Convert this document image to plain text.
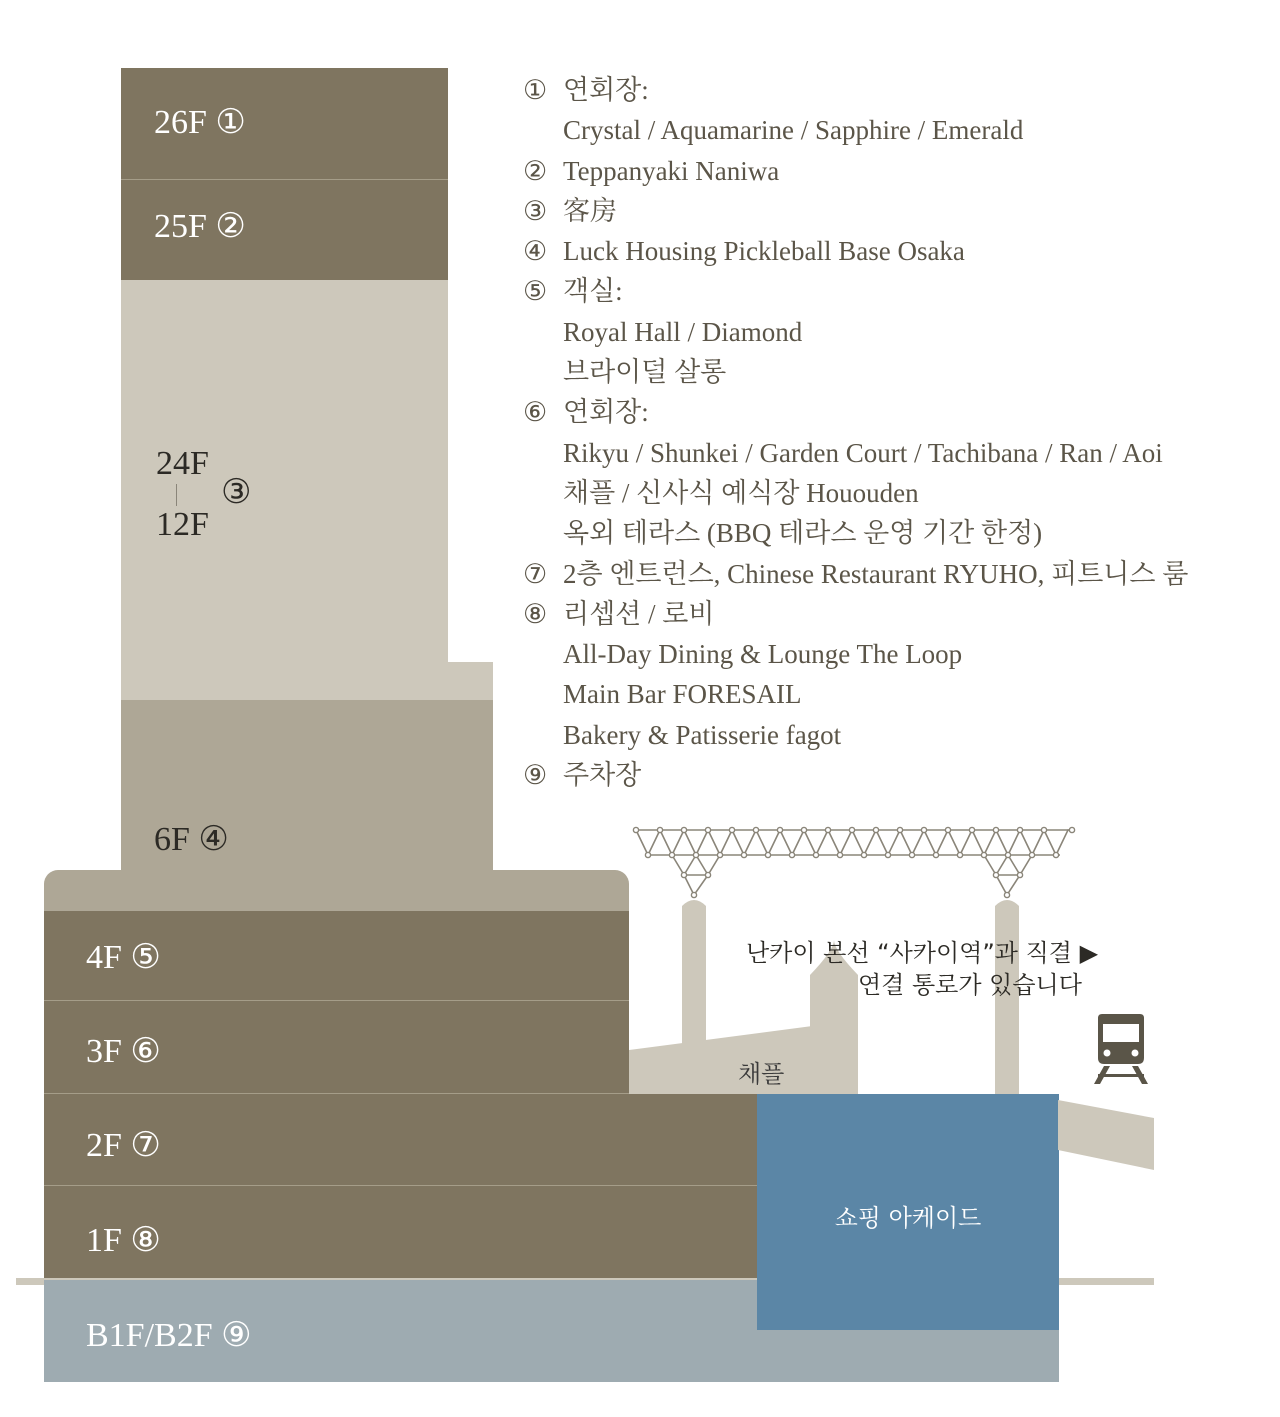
26F ①
25F ②
24F
12F
③
6F ④
4F ⑤
3F ⑥
2F ⑦
1F ⑧
B1F/B2F ⑨
채플
난카이 본선 “사카이역”과 직결 ▶
연결 통로가 있습니다
쇼핑 아케이드
① 연회장:
Crystal / Aquamarine / Sapphire / Emerald
② Teppanyaki Naniwa
③ 客房
④ Luck Housing Pickleball Base Osaka
⑤ 객실:
Royal Hall / Diamond
브라이덜 살롱
⑥ 연회장:
Rikyu / Shunkei / Garden Court / Tachibana / Ran / Aoi
채플 / 신사식 예식장 Hououden
옥외 테라스 (BBQ 테라스 운영 기간 한정)
⑦ 2층 엔트런스, Chinese Restaurant RYUHO, 피트니스 룸
⑧ 리셉션 / 로비
All-Day Dining & Lounge The Loop
Main Bar FORESAIL
Bakery & Patisserie fagot
⑨ 주차장
